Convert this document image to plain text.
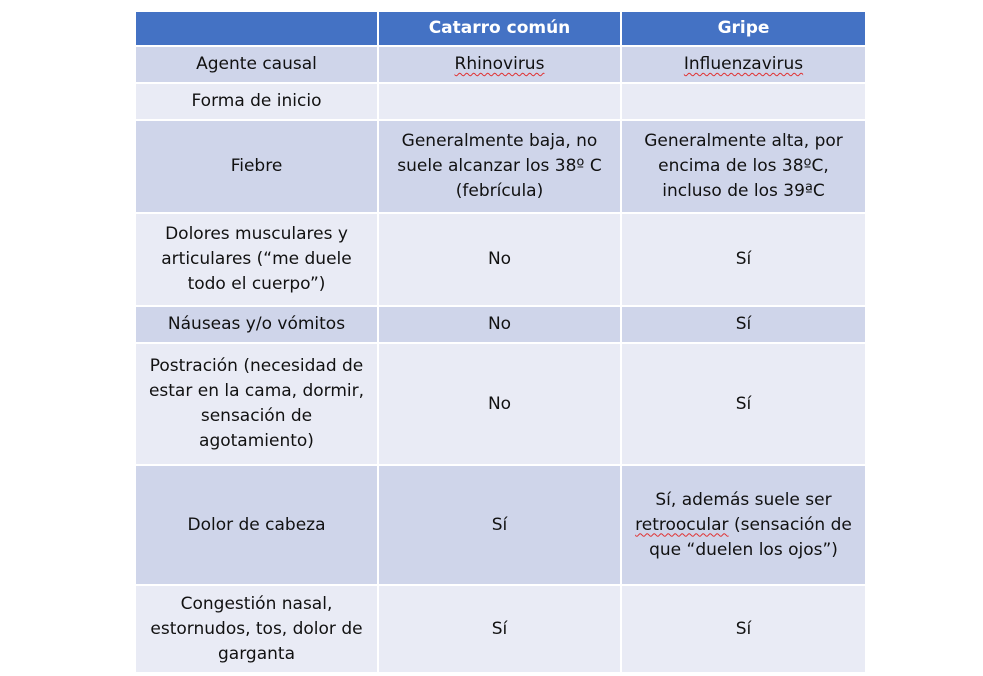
	Catarro común	Gripe
Agente causal	Rhinovirus	Influenzavirus
Forma de inicio		
Fiebre	Generalmente baja, no suele alcanzar los 38º C (febrícula)	Generalmente alta, por encima de los 38ºC, incluso de los 39ªC
Dolores musculares y articulares (“me duele todo el cuerpo”)	No	Sí
Náuseas y/o vómitos	No	Sí
Postración (necesidad de estar en la cama, dormir, sensación de agotamiento)	No	Sí
Dolor de cabeza	Sí	Sí, además suele ser retroocular (sensación de que “duelen los ojos”)
Congestión nasal, estornudos, tos, dolor de garganta	Sí	Sí
